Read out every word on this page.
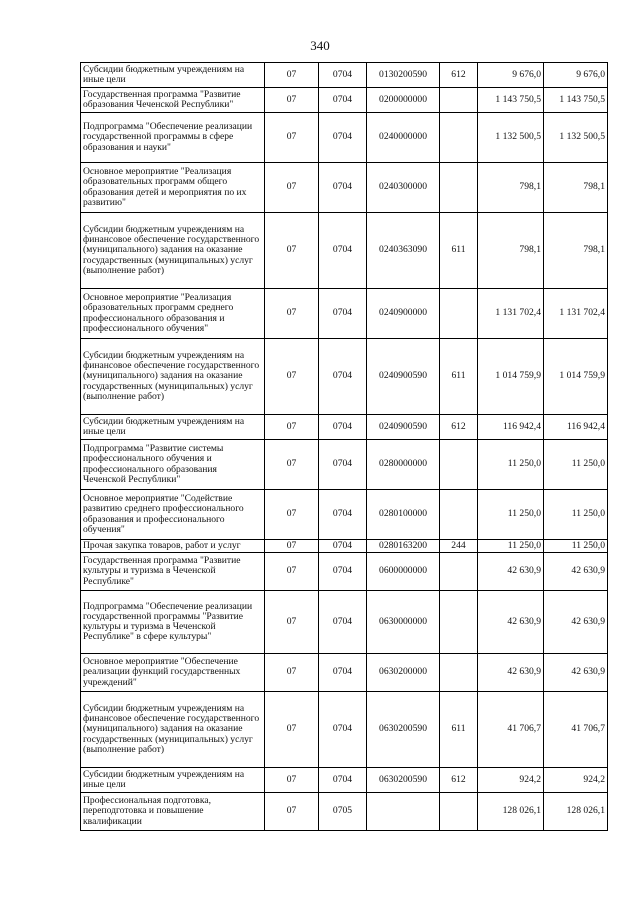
340
Субсидии бюджетным учреждениям на иные цели	07	0704	0130200590	612	9 676,0	9 676,0
Государственная программа "Развитие образования Чеченской Республики"	07	0704	0200000000		1 143 750,5	1 143 750,5
Подпрограмма "Обеспечение реализации государственной программы в сфере образования и науки"	07	0704	0240000000		1 132 500,5	1 132 500,5
Основное мероприятие "Реализация образовательных программ общего образования детей и мероприятия по их развитию"	07	0704	0240300000		798,1	798,1
Субсидии бюджетным учреждениям на финансовое обеспечение государственного (муниципального) задания на оказание государственных (муниципальных) услуг (выполнение работ)	07	0704	0240363090	611	798,1	798,1
Основное мероприятие "Реализация образовательных программ среднего профессионального образования и профессионального обучения"	07	0704	0240900000		1 131 702,4	1 131 702,4
Субсидии бюджетным учреждениям на финансовое обеспечение государственного (муниципального) задания на оказание государственных (муниципальных) услуг (выполнение работ)	07	0704	0240900590	611	1 014 759,9	1 014 759,9
Субсидии бюджетным учреждениям на иные цели	07	0704	0240900590	612	116 942,4	116 942,4
Подпрограмма "Развитие системы профессионального обучения и профессионального образования Чеченской Республики"	07	0704	0280000000		11 250,0	11 250,0
Основное мероприятие "Содействие развитию среднего профессионального образования и профессионального обучения"	07	0704	0280100000		11 250,0	11 250,0
Прочая закупка товаров, работ и услуг	07	0704	0280163200	244	11 250,0	11 250,0
Государственная программа "Развитие культуры и туризма в Чеченской Республике"	07	0704	0600000000		42 630,9	42 630,9
Подпрограмма "Обеспечение реализации государственной программы "Развитие культуры и туризма в Чеченской Республике" в сфере культуры"	07	0704	0630000000		42 630,9	42 630,9
Основное мероприятие "Обеспечение реализации функций государственных учреждений"	07	0704	0630200000		42 630,9	42 630,9
Субсидии бюджетным учреждениям на финансовое обеспечение государственного (муниципального) задания на оказание государственных (муниципальных) услуг (выполнение работ)	07	0704	0630200590	611	41 706,7	41 706,7
Субсидии бюджетным учреждениям на иные цели	07	0704	0630200590	612	924,2	924,2
Профессиональная подготовка, переподготовка и повышение квалификации	07	0705			128 026,1	128 026,1
